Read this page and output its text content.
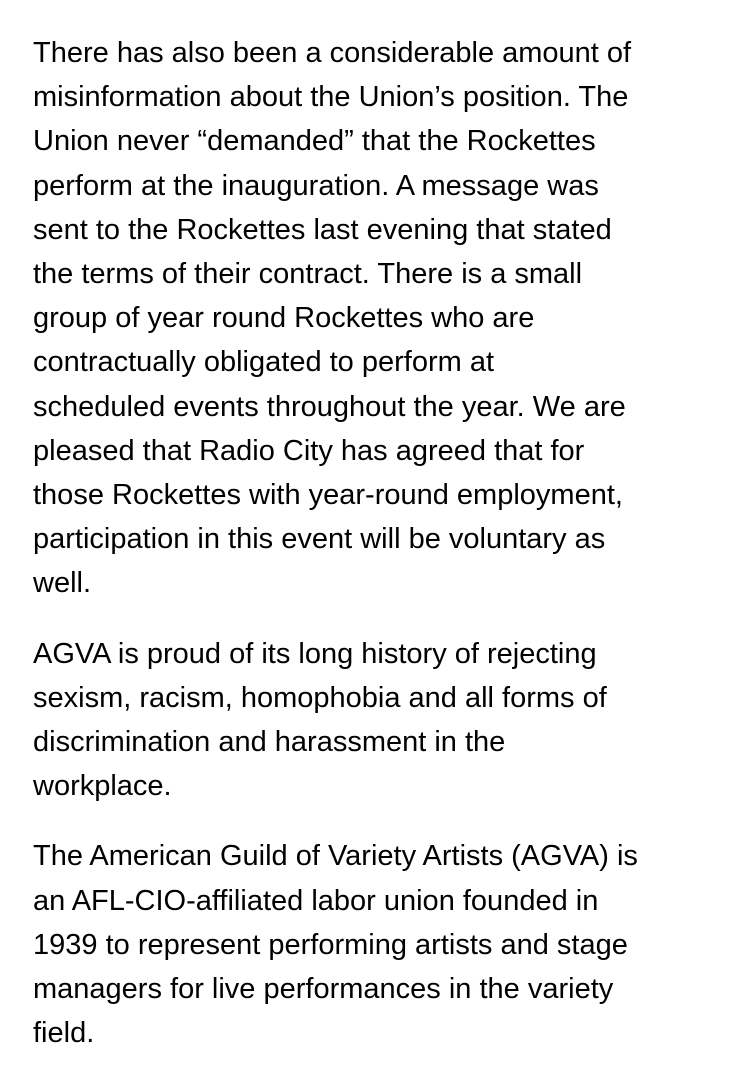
There has also been a considerable amount of
misinformation about the Union’s position. The
Union never “demanded” that the Rockettes
perform at the inauguration. A message was
sent to the Rockettes last evening that stated
the terms of their contract. There is a small
group of year round Rockettes who are
contractually obligated to perform at
scheduled events throughout the year. We are
pleased that Radio City has agreed that for
those Rockettes with year-round employment,
participation in this event will be voluntary as
well.

AGVA is proud of its long history of rejecting
sexism, racism, homophobia and all forms of
discrimination and harassment in the
workplace.

The American Guild of Variety Artists (AGVA) is
an AFL-CIO-affiliated labor union founded in
1939 to represent performing artists and stage
managers for live performances in the variety
field.
